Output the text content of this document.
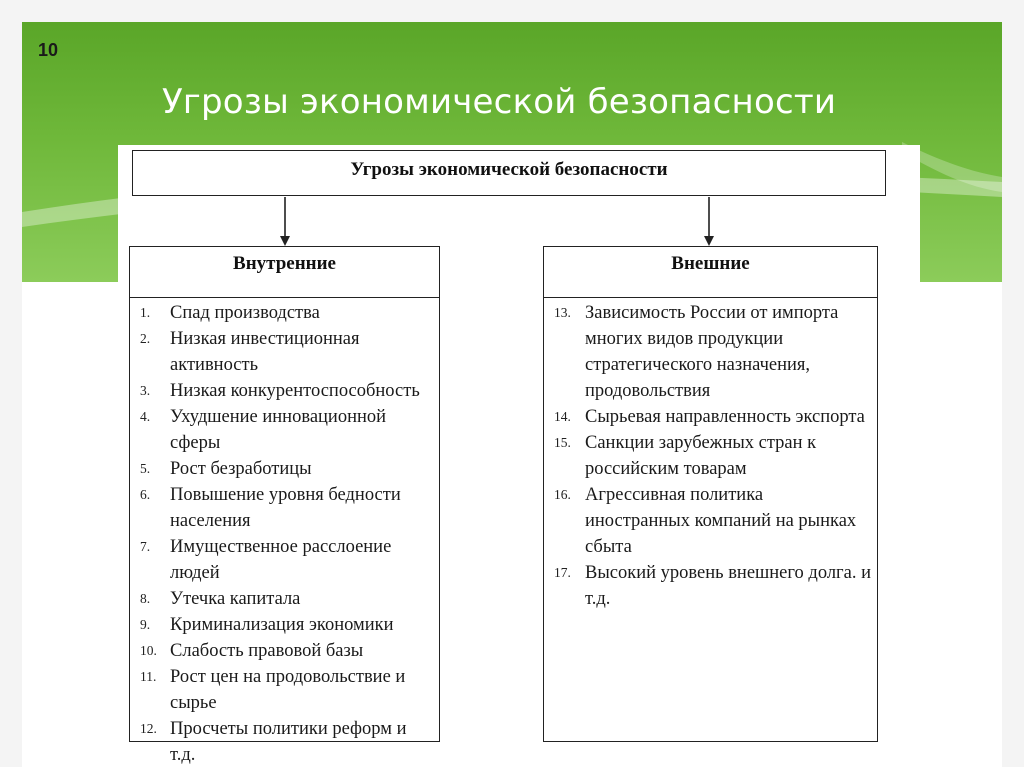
10
Угрозы экономической безопасности
Угрозы экономической безопасности
Внутренние
1. Спад производства
2. Низкая инвестиционная активность
3. Низкая конкурентоспособность
4. Ухудшение инновационной сферы
5. Рост безработицы
6. Повышение уровня бедности населения
7. Имущественное расслоение людей
8. Утечка капитала
9. Криминализация экономики
10. Слабость правовой базы
11. Рост цен на продовольствие и сырье
12. Просчеты политики реформ и т.д.
Внешние
13. Зависимость России от импорта многих видов продукции стратегического назначения, продовольствия
14. Сырьевая направленность экспорта
15. Санкции зарубежных стран к российским товарам
16. Агрессивная политика иностранных компаний на рынках сбыта
17. Высокий уровень внешнего долга. и т.д.
